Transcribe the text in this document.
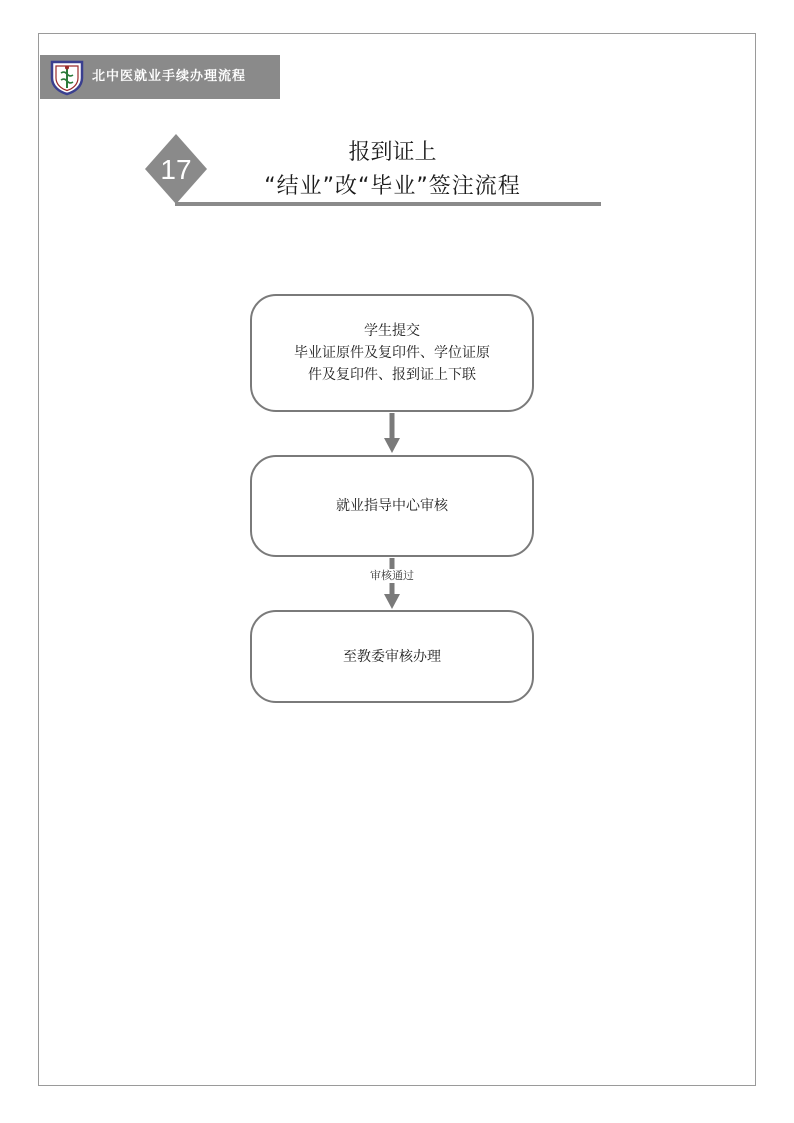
北中医就业手续办理流程
17
报到证上
“结业”改“毕业”签注流程
学生提交
毕业证原件及复印件、学位证原
件及复印件、报到证上下联
就业指导中心审核
审核通过
至教委审核办理
